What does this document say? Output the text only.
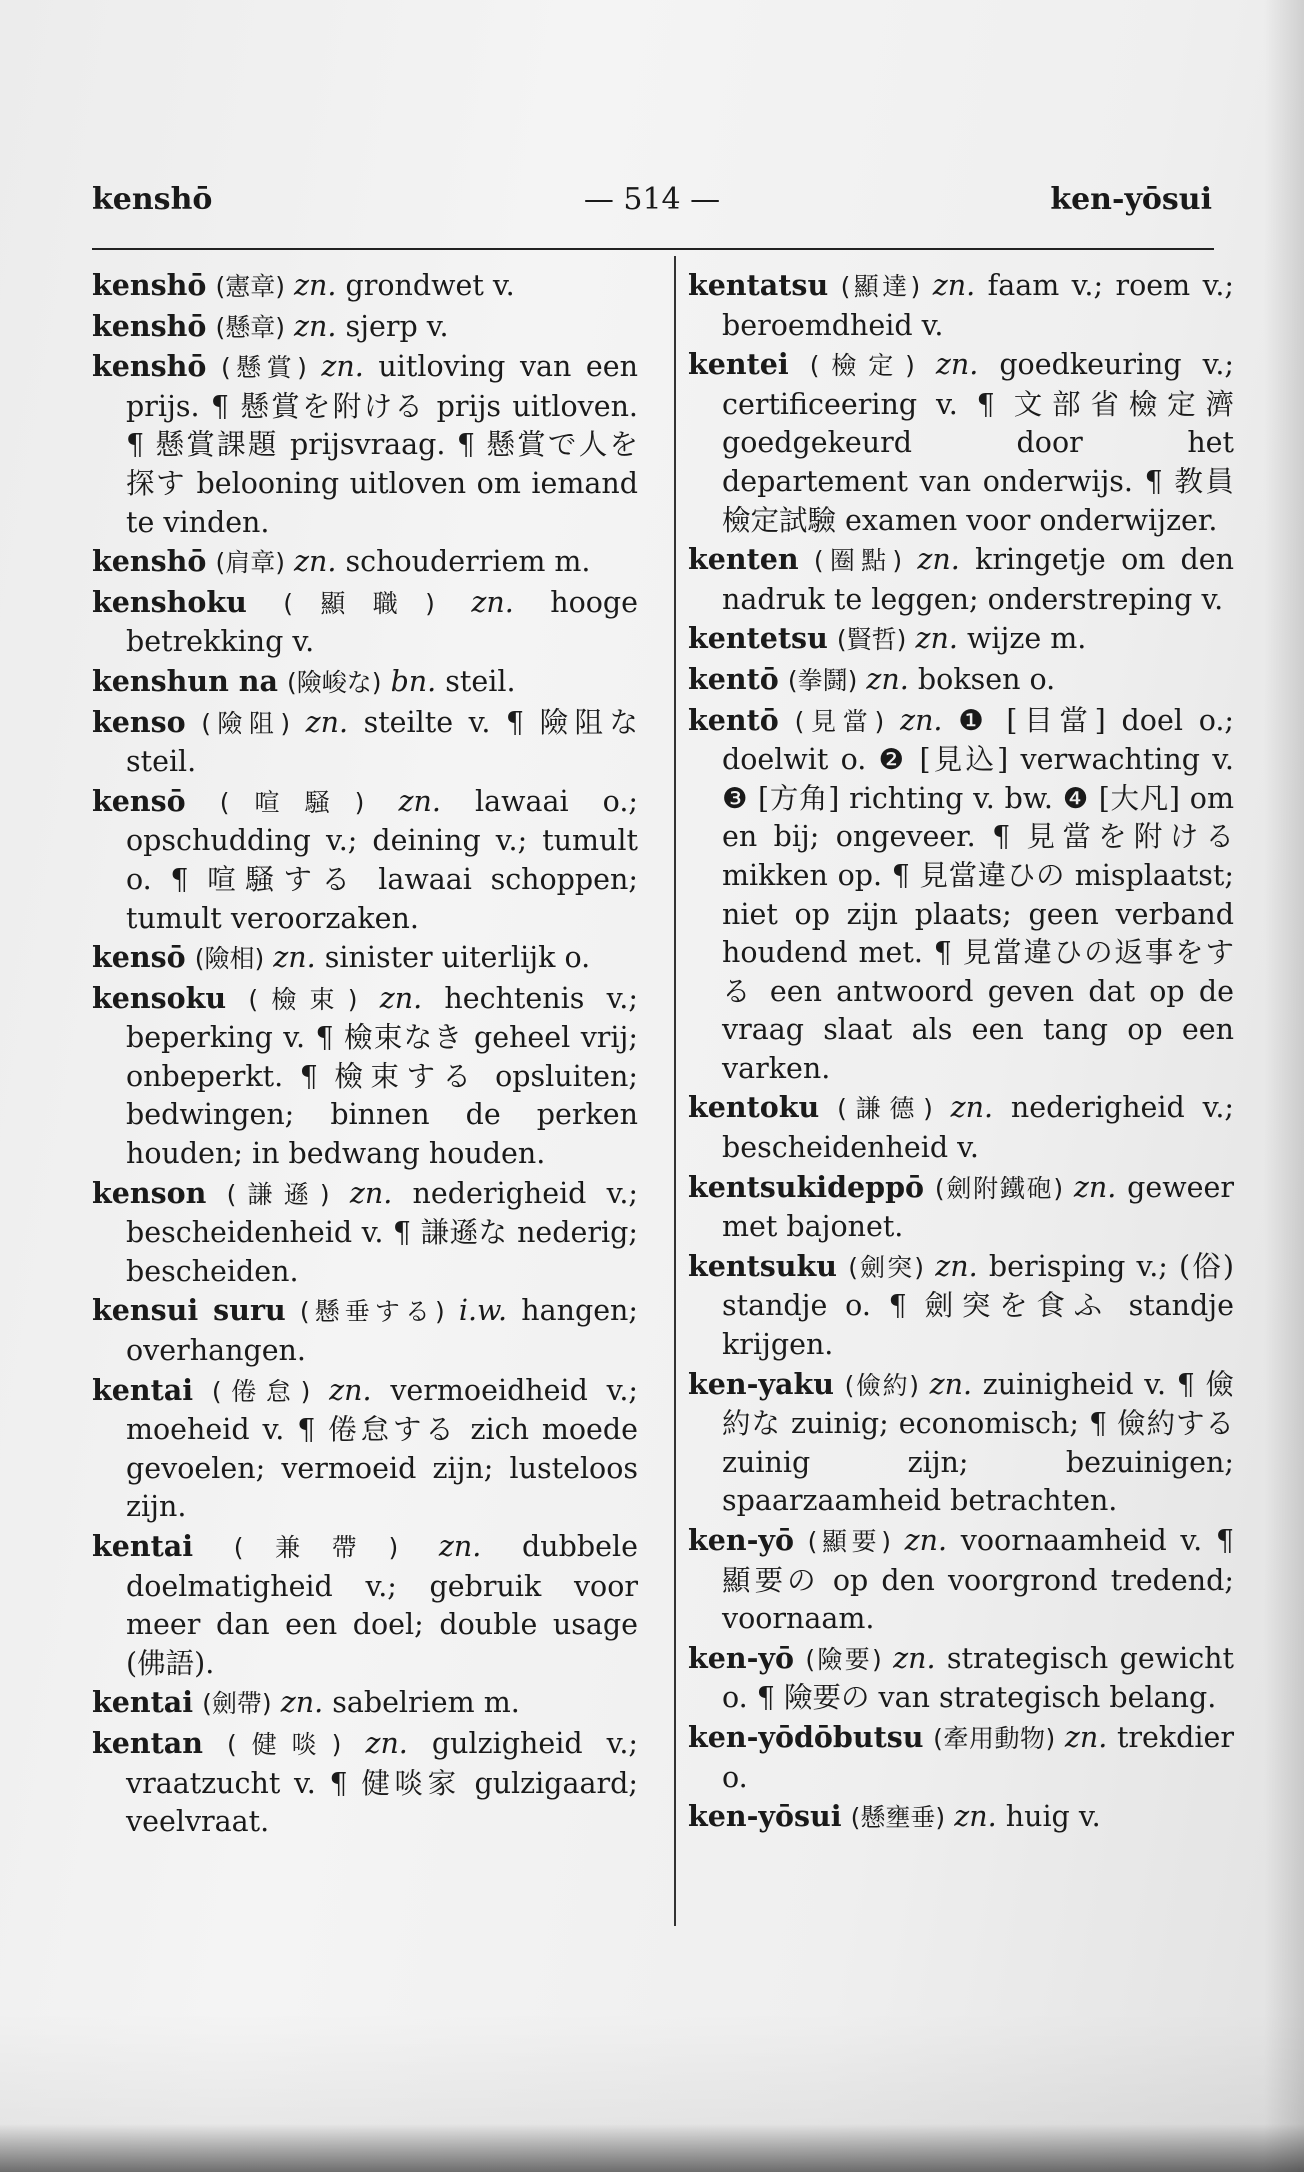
kenshō	— 514 —	ken-yōsui

kenshō (憲章) zn. grondwet v.

kenshō (懸章) zn. sjerp v.

kenshō (懸賞) zn. uitloving van een prijs. ¶ 懸賞を附ける prijs uitloven. ¶ 懸賞課題 prijsvraag. ¶ 懸賞で人を探す belooning uitloven om iemand te vinden.

kenshō (肩章) zn. schouderriem m.

kenshoku (顯職) zn. hooge betrekking v.

kenshun na (險峻な) bn. steil.

kenso (險阻) zn. steilte v. ¶ 險阻な steil.

kensō (喧騒) zn. lawaai o.; opschudding v.; deining v.; tumult o. ¶ 喧騒する lawaai schoppen; tumult veroorzaken.

kensō (險相) zn. sinister uiterlijk o.

kensoku (檢束) zn. hechtenis v.; beperking v. ¶ 檢束なき geheel vrij; onbeperkt. ¶ 檢束する opsluiten; bedwingen; binnen de perken houden; in bedwang houden.

kenson (謙遜) zn. nederigheid v.; bescheidenheid v. ¶ 謙遜な nederig; bescheiden.

kensui suru (懸垂する) i.w. hangen; overhangen.

kentai (倦怠) zn. vermoeidheid v.; moeheid v. ¶ 倦怠する zich moede gevoelen; vermoeid zijn; lusteloos zijn.

kentai (兼帶) zn. dubbele doelmatigheid v.; gebruik voor meer dan een doel; double usage (佛語).

kentai (劍帶) zn. sabelriem m.

kentan (健啖) zn. gulzigheid v.; vraatzucht v. ¶ 健啖家 gulzigaard; veelvraat.

kentatsu (顯達) zn. faam v.; roem v.; beroemdheid v.

kentei (檢定) zn. goedkeuring v.; certificeering v. ¶ 文部省檢定濟 goedgekeurd door het departement van onderwijs. ¶ 教員檢定試驗 examen voor onderwijzer.

kenten (圈點) zn. kringetje om den nadruk te leggen; onderstreping v.

kentetsu (賢哲) zn. wijze m.

kentō (拳鬪) zn. boksen o.

kentō (見當) zn. ❶ [目當] doel o.; doelwit o. ❷ [見込] verwachting v. ❸ [方角] richting v. bw. ❹ [大凡] om en bij; ongeveer. ¶ 見當を附ける mikken op. ¶ 見當違ひの misplaatst; niet op zijn plaats; geen verband houdend met. ¶ 見當違ひの返事をする een antwoord geven dat op de vraag slaat als een tang op een varken.

kentoku (謙德) zn. nederigheid v.; bescheidenheid v.

kentsukideppō (劍附鐵砲) zn. geweer met bajonet.

kentsuku (劍突) zn. berisping v.; (俗) standje o. ¶ 劍突を食ふ standje krijgen.

ken-yaku (儉約) zn. zuinigheid v. ¶ 儉約な zuinig; economisch; ¶ 儉約する zuinig zijn; bezuinigen; spaarzaamheid betrachten.

ken-yō (顯要) zn. voornaamheid v. ¶ 顯要の op den voorgrond tredend; voornaam.

ken-yō (險要) zn. strategisch gewicht o. ¶ 險要の van strategisch belang.

ken-yōdōbutsu (牽用動物) zn. trekdier o.

ken-yōsui (懸壅垂) zn. huig v.
